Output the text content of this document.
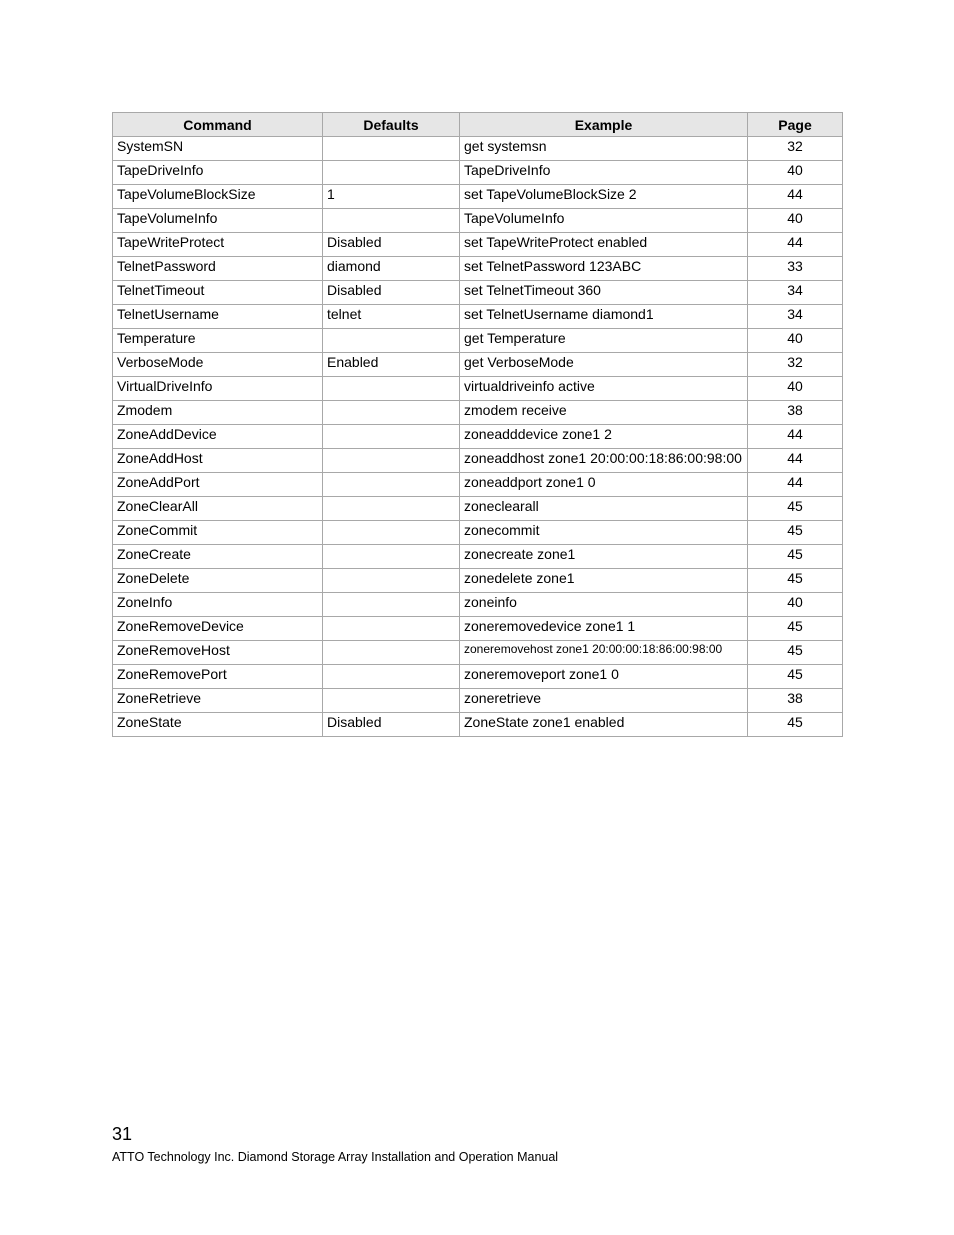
Command	Defaults	Example	Page
SystemSN		get systemsn	32
TapeDriveInfo		TapeDriveInfo	40
TapeVolumeBlockSize	1	set TapeVolumeBlockSize 2	44
TapeVolumeInfo		TapeVolumeInfo	40
TapeWriteProtect	Disabled	set TapeWriteProtect enabled	44
TelnetPassword	diamond	set TelnetPassword 123ABC	33
TelnetTimeout	Disabled	set TelnetTimeout 360	34
TelnetUsername	telnet	set TelnetUsername diamond1	34
Temperature		get Temperature	40
VerboseMode	Enabled	get VerboseMode	32
VirtualDriveInfo		virtualdriveinfo active	40
Zmodem		zmodem receive	38
ZoneAddDevice		zoneadddevice zone1 2	44
ZoneAddHost		zoneaddhost zone1 20:00:00:18:86:00:98:00	44
ZoneAddPort		zoneaddport zone1 0	44
ZoneClearAll		zoneclearall	45
ZoneCommit		zonecommit	45
ZoneCreate		zonecreate zone1	45
ZoneDelete		zonedelete zone1	45
ZoneInfo		zoneinfo	40
ZoneRemoveDevice		zoneremovedevice zone1 1	45
ZoneRemoveHost		zoneremovehost zone1 20:00:00:18:86:00:98:00	45
ZoneRemovePort		zoneremoveport zone1 0	45
ZoneRetrieve		zoneretrieve	38
ZoneState	Disabled	ZoneState zone1 enabled	45
31
ATTO Technology Inc. Diamond Storage Array Installation and Operation Manual
